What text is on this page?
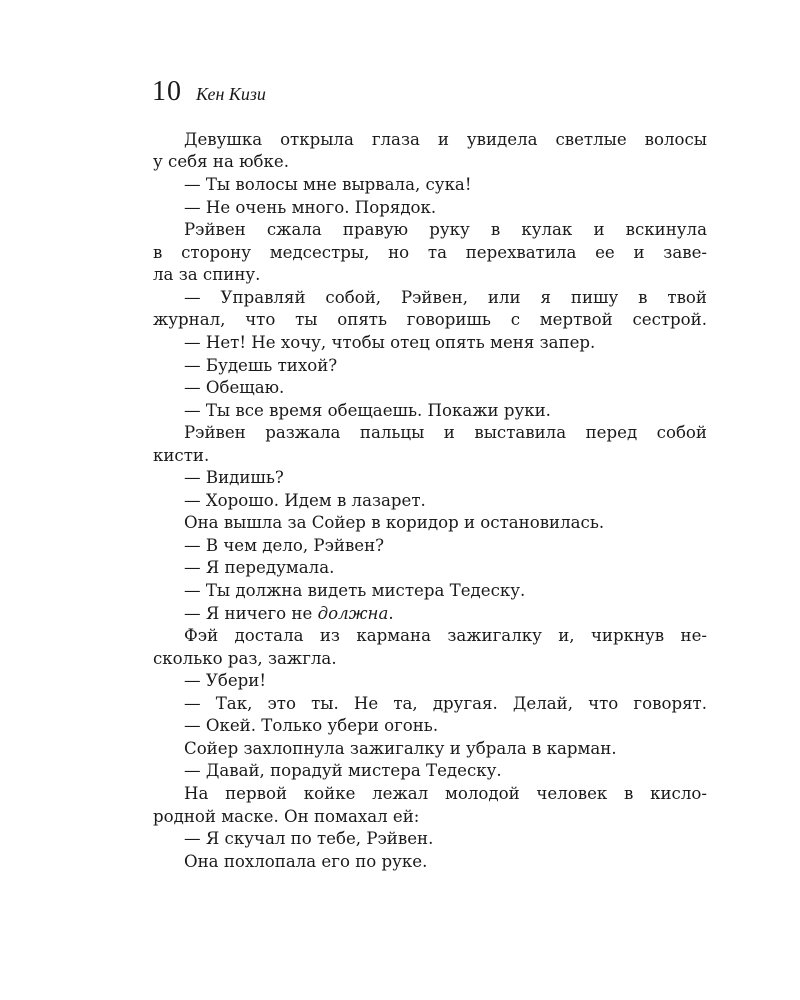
10 Кен Кизи
Девушка открыла глаза и увидела светлые волосы
у себя на юбке.
— Ты волосы мне вырвала, сука!
— Не очень много. Порядок.
Рэйвен сжала правую руку в кулак и вскинула
в сторону медсестры, но та перехватила ее и заве-
ла за спину.
— Управляй собой, Рэйвен, или я пишу в твой
журнал, что ты опять говоришь с мертвой сестрой.
— Нет! Не хочу, чтобы отец опять меня запер.
— Будешь тихой?
— Обещаю.
— Ты все время обещаешь. Покажи руки.
Рэйвен разжала пальцы и выставила перед собой
кисти.
— Видишь?
— Хорошо. Идем в лазарет.
Она вышла за Сойер в коридор и остановилась.
— В чем дело, Рэйвен?
— Я передумала.
— Ты должна видеть мистера Тедеску.
— Я ничего не должна.
Фэй достала из кармана зажигалку и, чиркнув не-
сколько раз, зажгла.
— Убери!
— Так, это ты. Не та, другая. Делай, что говорят.
— Окей. Только убери огонь.
Сойер захлопнула зажигалку и убрала в карман.
— Давай, порадуй мистера Тедеску.
На первой койке лежал молодой человек в кисло-
родной маске. Он помахал ей:
— Я скучал по тебе, Рэйвен.
Она похлопала его по руке.
